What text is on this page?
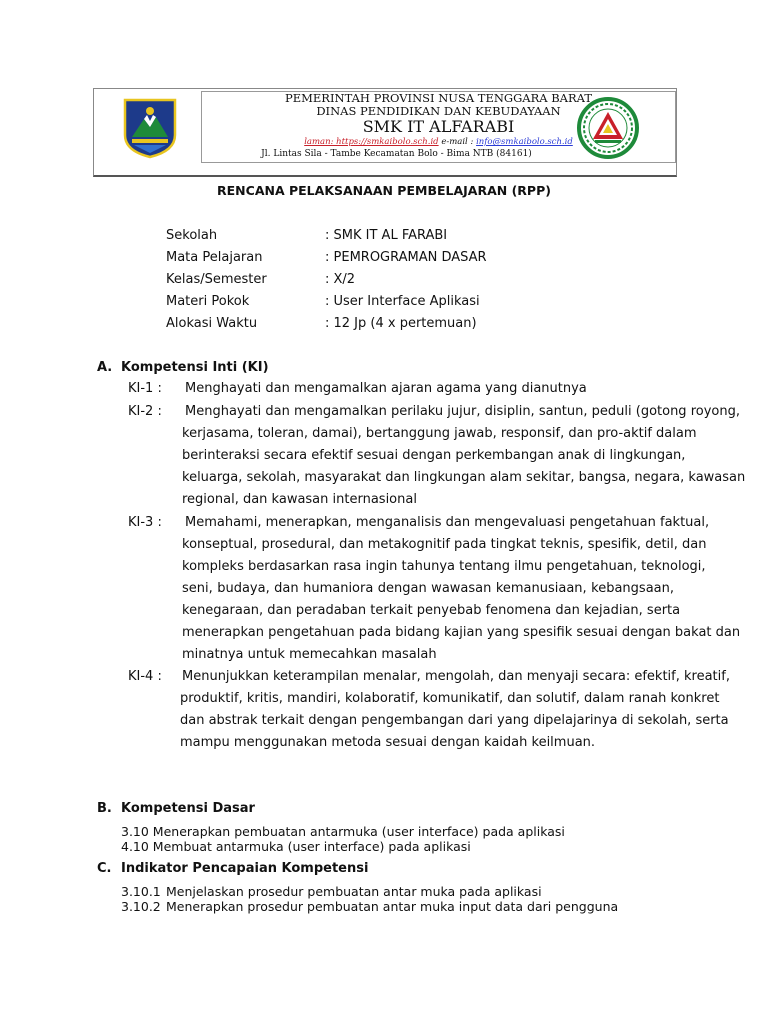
PEMERINTAH PROVINSI NUSA TENGGARA BARAT
DINAS PENDIDIKAN DAN KEBUDAYAAN
SMK IT ALFARABI
laman: https://smkaibolo.sch.id e-mail : info@smkaibolo.sch.id
Jl. Lintas Sila - Tambe Kecamatan Bolo - Bima NTB (84161)
RENCANA PELAKSANAAN PEMBELAJARAN (RPP)
Sekolah	: SMK IT AL FARABI
Mata Pelajaran	: PEMROGRAMAN DASAR
Kelas/Semester	: X/2
Materi Pokok	: User Interface Aplikasi
Alokasi Waktu	: 12 Jp (4 x pertemuan)
A. Kompetensi Inti (KI)
KI-1 : Menghayati dan mengamalkan ajaran agama yang dianutnya
KI-2 : Menghayati dan mengamalkan perilaku jujur, disiplin, santun, peduli (gotong royong,
kerjasama, toleran, damai), bertanggung jawab, responsif, dan pro-aktif dalam
berinteraksi secara efektif sesuai dengan perkembangan anak di lingkungan,
keluarga, sekolah, masyarakat dan lingkungan alam sekitar, bangsa, negara, kawasan
regional, dan kawasan internasional
KI-3 : Memahami, menerapkan, menganalisis dan mengevaluasi pengetahuan faktual,
konseptual, prosedural, dan metakognitif pada tingkat teknis, spesifik, detil, dan
kompleks berdasarkan rasa ingin tahunya tentang ilmu pengetahuan, teknologi,
seni, budaya, dan humaniora dengan wawasan kemanusiaan, kebangsaan,
kenegaraan, dan peradaban terkait penyebab fenomena dan kejadian, serta
menerapkan pengetahuan pada bidang kajian yang spesifik sesuai dengan bakat dan
minatnya untuk memecahkan masalah
KI-4 : Menunjukkan keterampilan menalar, mengolah, dan menyaji secara: efektif, kreatif,
produktif, kritis, mandiri, kolaboratif, komunikatif, dan solutif, dalam ranah konkret
dan abstrak terkait dengan pengembangan dari yang dipelajarinya di sekolah, serta
mampu menggunakan metoda sesuai dengan kaidah keilmuan.
B. Kompetensi Dasar
3.10 Menerapkan pembuatan antarmuka (user interface) pada aplikasi
4.10 Membuat antarmuka (user interface) pada aplikasi
C. Indikator Pencapaian Kompetensi
3.10.1 Menjelaskan prosedur pembuatan antar muka pada aplikasi
3.10.2 Menerapkan prosedur pembuatan antar muka input data dari pengguna
